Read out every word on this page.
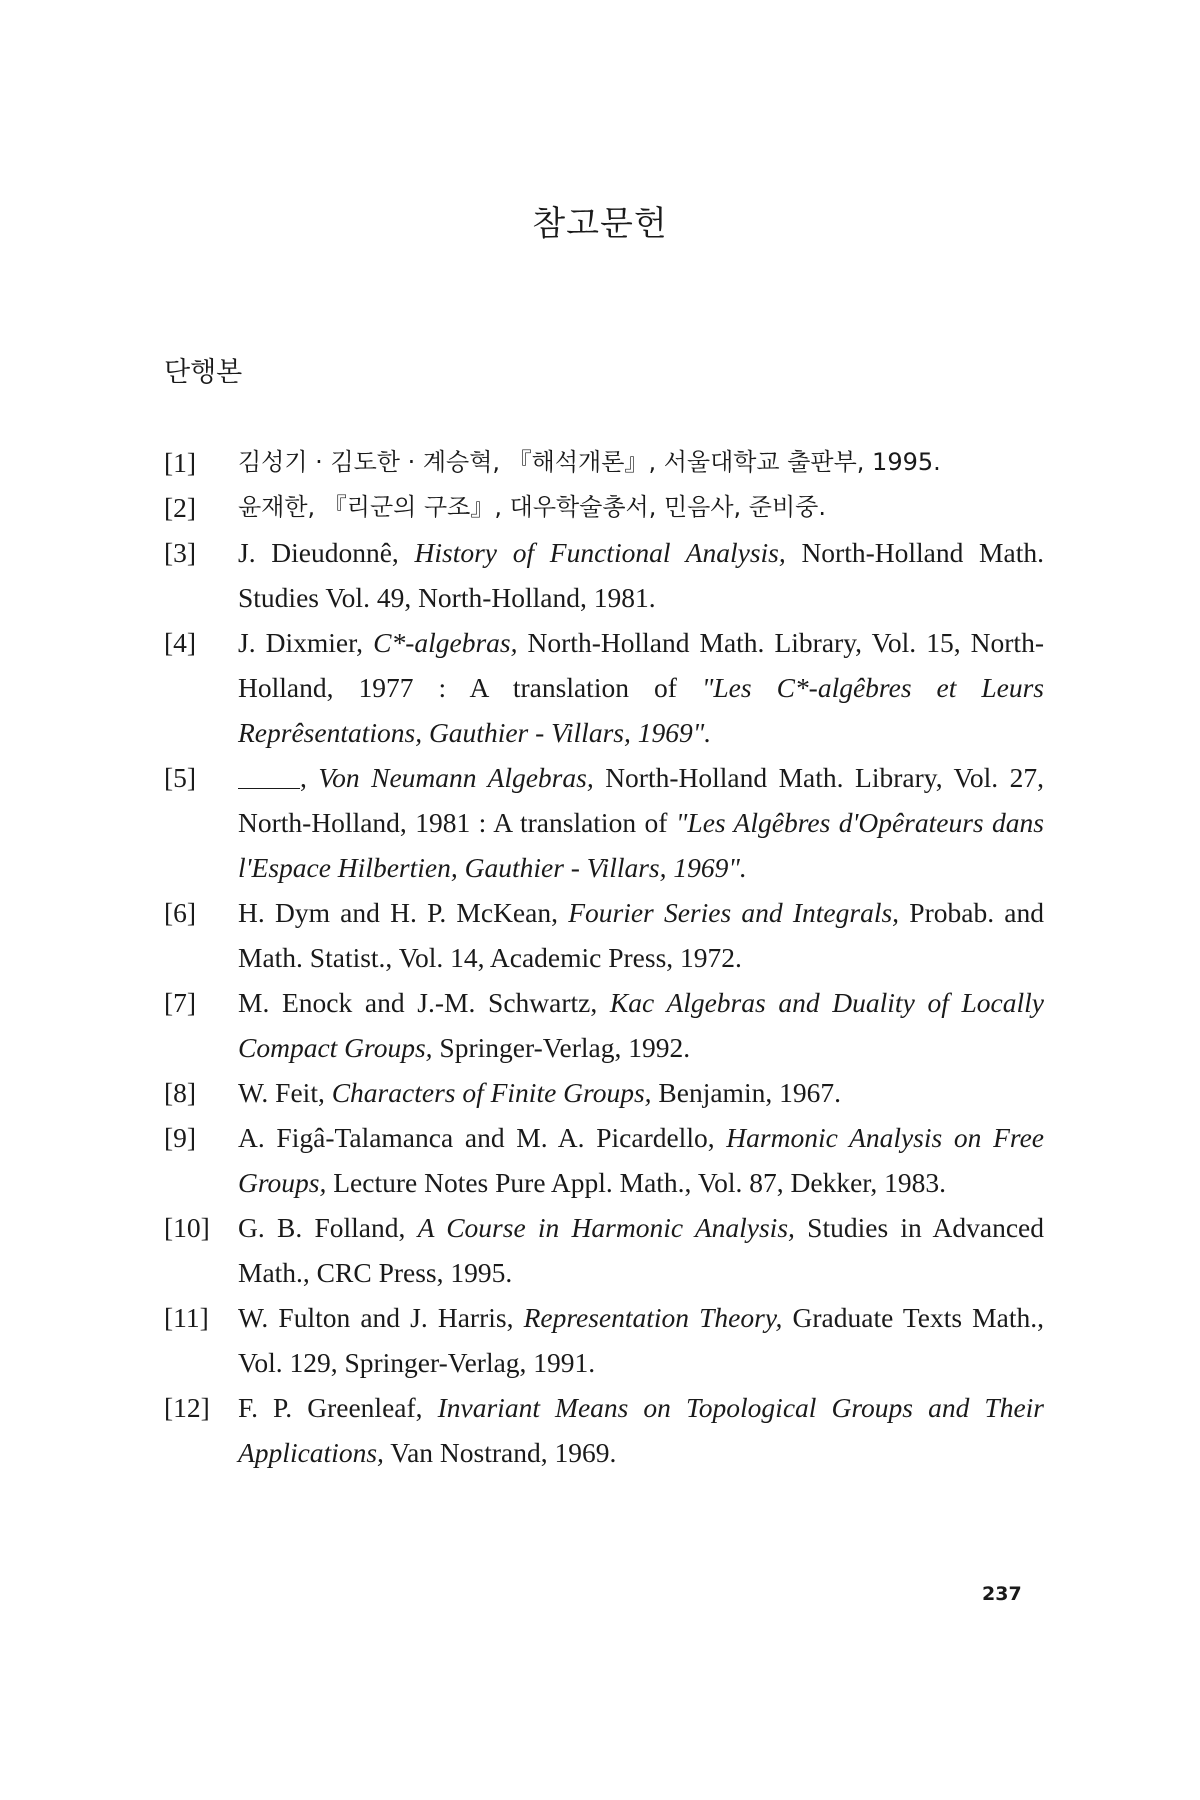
참고문헌
단행본
[1]	김성기 · 김도한 · 계승혁, 『해석개론』, 서울대학교 출판부, 1995.
[2]	윤재한, 『리군의 구조』, 대우학술총서, 민음사, 준비중.
[3]	J. Dieudonnê, History of Functional Analysis, North-Holland Math. Studies Vol. 49, North-Holland, 1981.
[4]	J. Dixmier, C*-algebras, North-Holland Math. Library, Vol. 15, North-Holland, 1977 : A translation of "Les C*-algêbres et Leurs Reprêsentations, Gauthier - Villars, 1969".
[5]	, Von Neumann Algebras, North-Holland Math. Library, Vol. 27, North-Holland, 1981 : A translation of "Les Algêbres d'Opêrateurs dans l'Espace Hilbertien, Gauthier - Villars, 1969".
[6]	H. Dym and H. P. McKean, Fourier Series and Integrals, Probab. and Math. Statist., Vol. 14, Academic Press, 1972.
[7]	M. Enock and J.-M. Schwartz, Kac Algebras and Duality of Locally Compact Groups, Springer-Verlag, 1992.
[8]	W. Feit, Characters of Finite Groups, Benjamin, 1967.
[9]	A. Figâ-Talamanca and M. A. Picardello, Harmonic Analysis on Free Groups, Lecture Notes Pure Appl. Math., Vol. 87, Dekker, 1983.
[10]	G. B. Folland, A Course in Harmonic Analysis, Studies in Advanced Math., CRC Press, 1995.
[11]	W. Fulton and J. Harris, Representation Theory, Graduate Texts Math., Vol. 129, Springer-Verlag, 1991.
[12]	F. P. Greenleaf, Invariant Means on Topological Groups and Their Applications, Van Nostrand, 1969.
237
